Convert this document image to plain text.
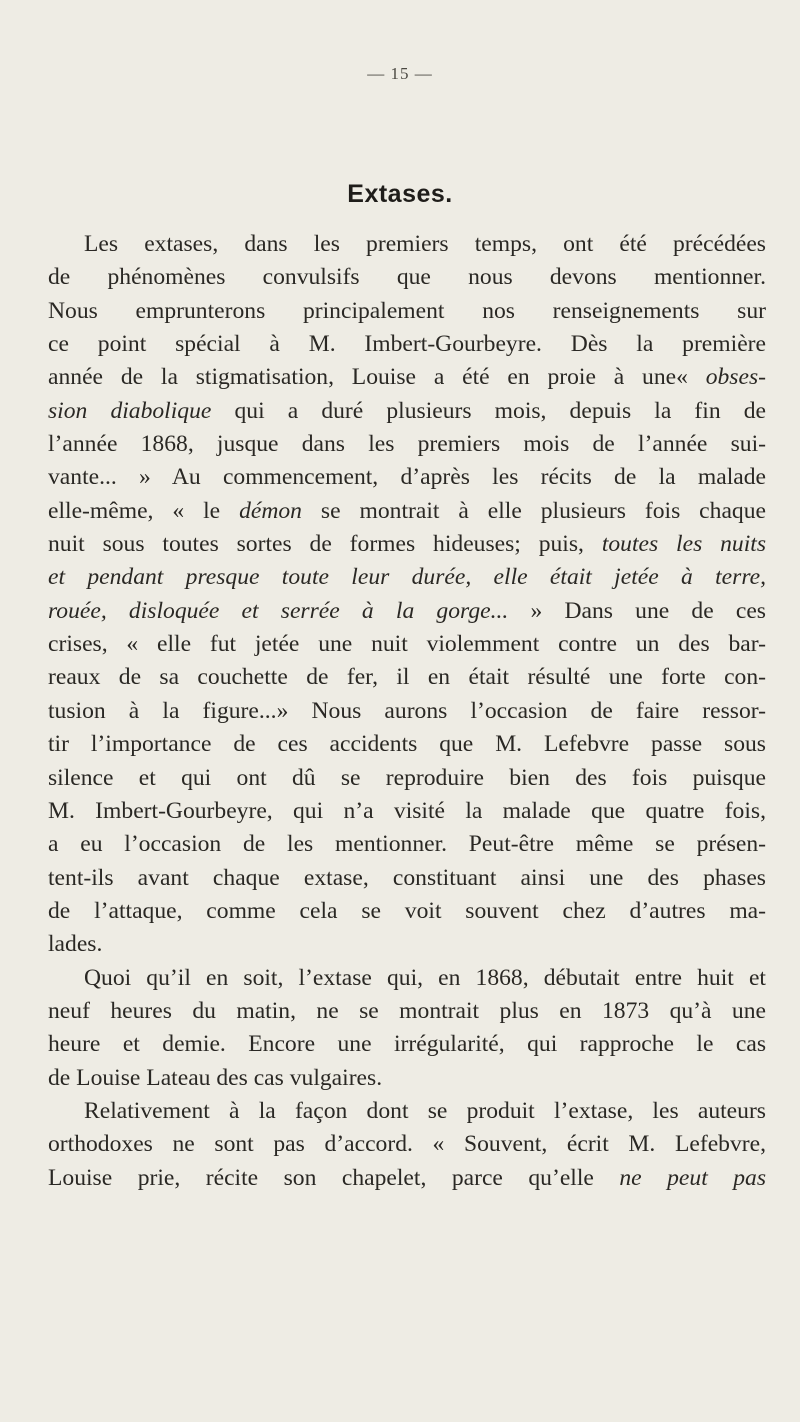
— 15 —
Extases.
Les extases, dans les premiers temps, ont été précédées
de phénomènes convulsifs que nous devons mentionner.
Nous emprunterons principalement nos renseignements sur
ce point spécial à M. Imbert-Gourbeyre. Dès la première
année de la stigmatisation, Louise a été en proie à une« obses-
sion diabolique qui a duré plusieurs mois, depuis la fin de
l’année 1868, jusque dans les premiers mois de l’année sui-
vante... » Au commencement, d’après les récits de la malade
elle-même, « le démon se montrait à elle plusieurs fois chaque
nuit sous toutes sortes de formes hideuses; puis, toutes les nuits
et pendant presque toute leur durée, elle était jetée à terre,
rouée, disloquée et serrée à la gorge... » Dans une de ces
crises, « elle fut jetée une nuit violemment contre un des bar-
reaux de sa couchette de fer, il en était résulté une forte con-
tusion à la figure...» Nous aurons l’occasion de faire ressor-
tir l’importance de ces accidents que M. Lefebvre passe sous
silence et qui ont dû se reproduire bien des fois puisque
M. Imbert-Gourbeyre, qui n’a visité la malade que quatre fois,
a eu l’occasion de les mentionner. Peut-être même se présen-
tent-ils avant chaque extase, constituant ainsi une des phases
de l’attaque, comme cela se voit souvent chez d’autres ma-
lades.
Quoi qu’il en soit, l’extase qui, en 1868, débutait entre huit et
neuf heures du matin, ne se montrait plus en 1873 qu’à une
heure et demie. Encore une irrégularité, qui rapproche le cas
de Louise Lateau des cas vulgaires.
Relativement à la façon dont se produit l’extase, les auteurs
orthodoxes ne sont pas d’accord. « Souvent, écrit M. Lefebvre,
Louise prie, récite son chapelet, parce qu’elle ne peut pas
